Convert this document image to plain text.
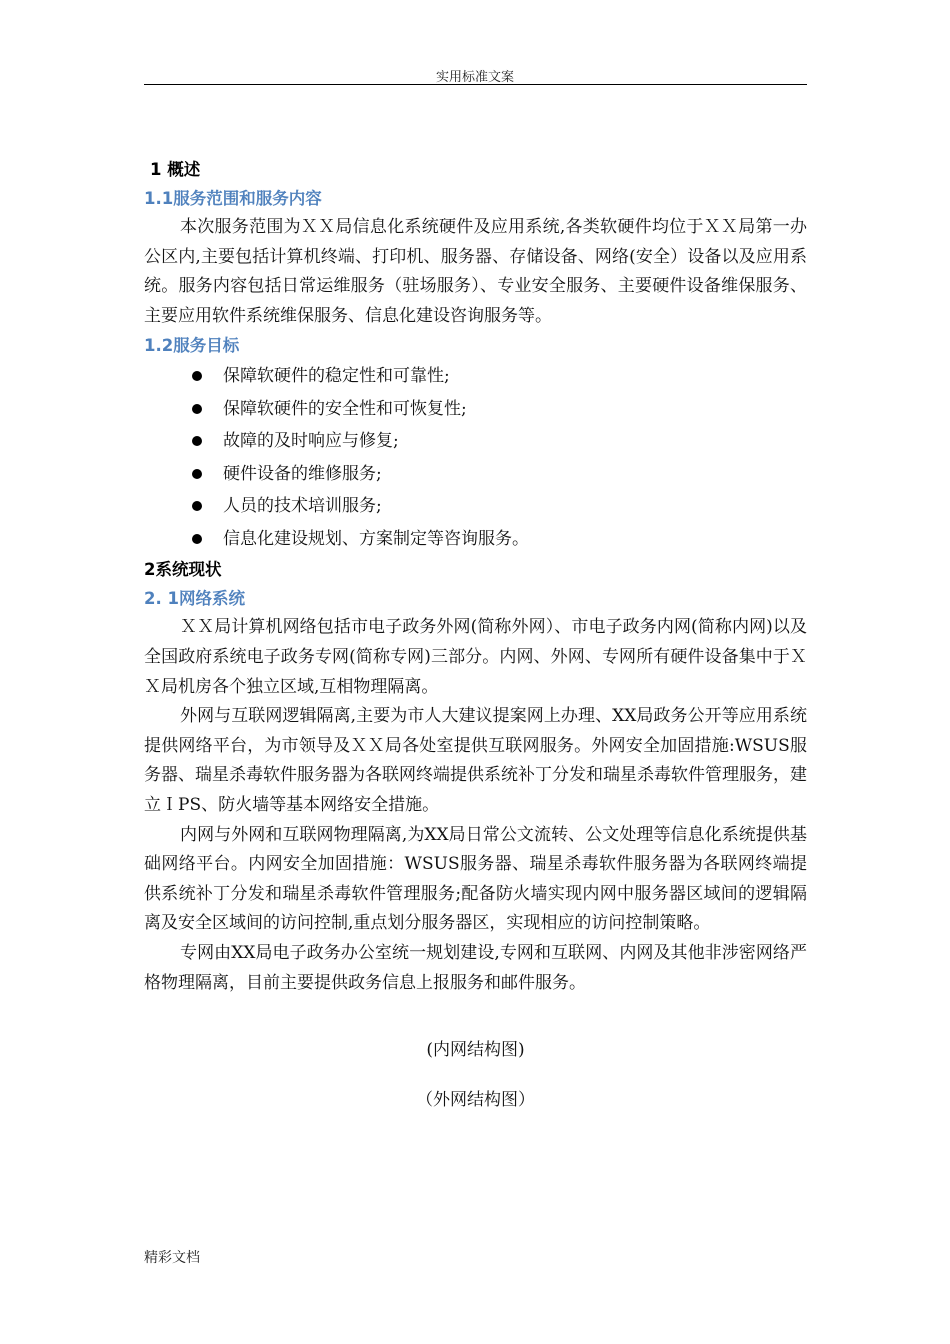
实用标准文案
1 概述
1.1服务范围和服务内容

本次服务范围为ＸＸ局信息化系统硬件及应用系统,各类软硬件均位于ＸＸ局第一办公区内,主要包括计算机终端、打印机、服务器、存储设备、网络(安全）设备以及应用系统。服务内容包括日常运维服务（驻场服务）、专业安全服务、主要硬件设备维保服务、主要应用软件系统维保服务、信息化建设咨询服务等。

1.2服务目标
保障软硬件的稳定性和可靠性;
保障软硬件的安全性和可恢复性;
故障的及时响应与修复;
硬件设备的维修服务;
人员的技术培训服务;
信息化建设规划、方案制定等咨询服务。
2系统现状
2. 1网络系统

ＸＸ局计算机网络包括市电子政务外网(简称外网）、市电子政务内网(简称内网)以及全国政府系统电子政务专网(简称专网)三部分。内网、外网、专网所有硬件设备集中于ＸＸ局机房各个独立区域,互相物理隔离。

外网与互联网逻辑隔离,主要为市人大建议提案网上办理、XX局政务公开等应用系统提供网络平台，为市领导及ＸＸ局各处室提供互联网服务。外网安全加固措施:WSUS服务器、瑞星杀毒软件服务器为各联网终端提供系统补丁分发和瑞星杀毒软件管理服务，建立ＩPS、防火墙等基本网络安全措施。

内网与外网和互联网物理隔离,为XX局日常公文流转、公文处理等信息化系统提供基础网络平台。内网安全加固措施：WSUS服务器、瑞星杀毒软件服务器为各联网终端提供系统补丁分发和瑞星杀毒软件管理服务;配备防火墙实现内网中服务器区域间的逻辑隔离及安全区域间的访问控制,重点划分服务器区，实现相应的访问控制策略。

专网由XX局电子政务办公室统一规划建设,专网和互联网、内网及其他非涉密网络严格物理隔离，目前主要提供政务信息上报服务和邮件服务。

(内网结构图)
（外网结构图）
精彩文档
